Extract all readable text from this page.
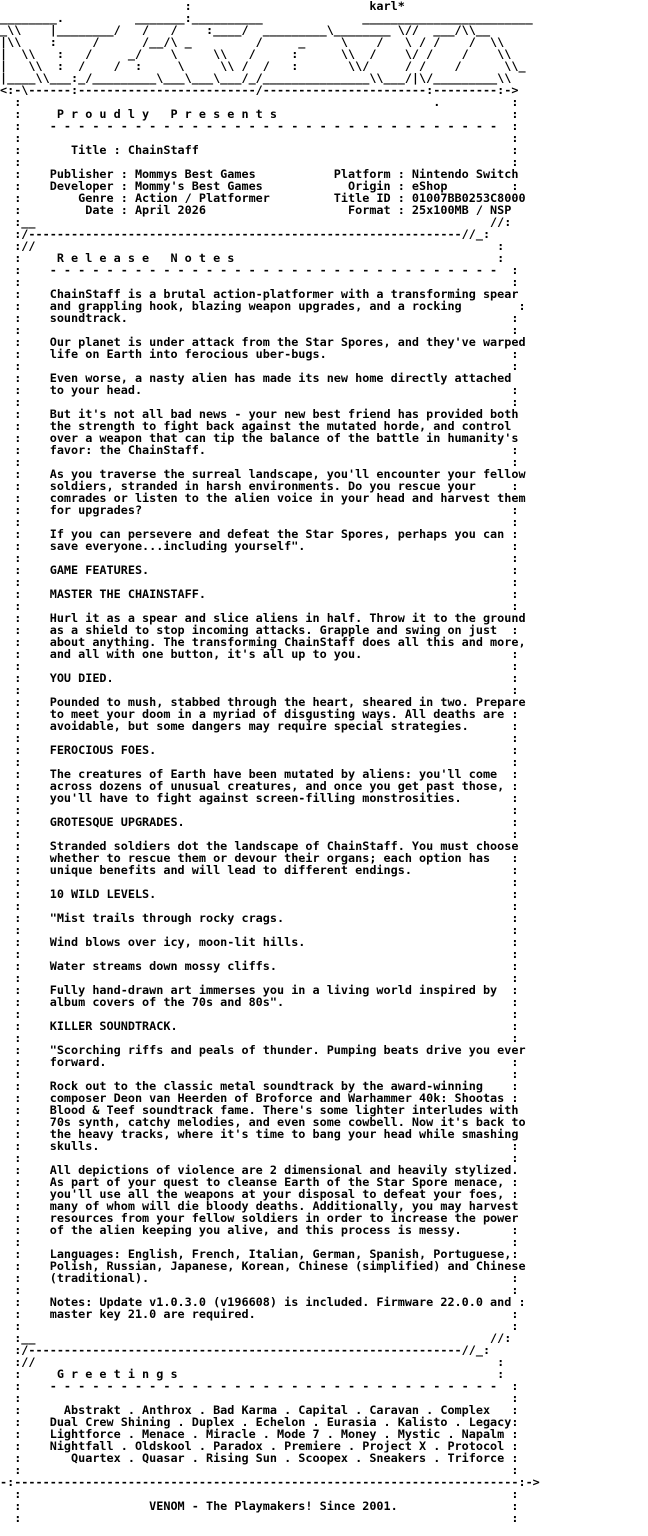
:                         karl*
________.          _______:__________              ________________________
_\\    |________/   /   /    :____/  _________\________ \//  ___/\\__
|\\    :     /      /__/\ _         /     _     \    /   \ / /    /  \\
|  \\   :   /     _/    \     \\   /     :      \\  /    \/ /    /    \\
|   \\  :  /    /  :     \     \\ /  /   :       \\/     / /    /      \\_
|____\\___:_/_________\___\___\___/_/_______________\\___/|\/_________\\
<:-\------:-------------------------/-----------------------:---------:->
:                                                          .          :
:     P r o u d l y   P r e s e n t s                                 :
:    - - - - - - - - - - - - - - - - - - - - - - - - - - - - - - - -  :
:                                                                     :
:       Title : ChainStaff                                            :
:                                                                     :
:    Publisher : Mommys Best Games           Platform : Nintendo Switch
:    Developer : Mommy's Best Games            Origin : eShop         :
:        Genre : Action / Platformer         Title ID : 01007BB0253C8000
:         Date : April 2026                    Format : 25x100MB / NSP
:__                                                                //:
:/-------------------------------------------------------------//_:
://                                                                 :
:     R e l e a s e   N o t e s                                     :
:    - - - - - - - - - - - - - - - - - - - - - - - - - - - - - - - -  :
:                                                                     :
:    ChainStaff is a brutal action-platformer with a transforming spear
:    and grappling hook, blazing weapon upgrades, and a rocking        :
:    soundtrack.                                                      :
:                                                                     :
:    Our planet is under attack from the Star Spores, and they've warped
:    life on Earth into ferocious uber-bugs.                          :
:                                                                     :
:    Even worse, a nasty alien has made its new home directly attached
:    to your head.                                                    :
:                                                                     :
:    But it's not all bad news - your new best friend has provided both
:    the strength to fight back against the mutated horde, and control
:    over a weapon that can tip the balance of the battle in humanity's
:    favor: the ChainStaff.                                           :
:                                                                     :
:    As you traverse the surreal landscape, you'll encounter your fellow
:    soldiers, stranded in harsh environments. Do you rescue your     :
:    comrades or listen to the alien voice in your head and harvest them
:    for upgrades?                                                    :
:                                                                     :
:    If you can persevere and defeat the Star Spores, perhaps you can :
:    save everyone...including yourself".                             :
:                                                                     :
:    GAME FEATURES.                                                   :
:                                                                     :
:    MASTER THE CHAINSTAFF.                                           :
:                                                                     :
:    Hurl it as a spear and slice aliens in half. Throw it to the ground
:    as a shield to stop incoming attacks. Grapple and swing on just  :
:    about anything. The transforming ChainStaff does all this and more,
:    and all with one button, it's all up to you.                     :
:                                                                     :
:    YOU DIED.                                                        :
:                                                                     :
:    Pounded to mush, stabbed through the heart, sheared in two. Prepare
:    to meet your doom in a myriad of disgusting ways. All deaths are :
:    avoidable, but some dangers may require special strategies.      :
:                                                                     :
:    FEROCIOUS FOES.                                                  :
:                                                                     :
:    The creatures of Earth have been mutated by aliens: you'll come  :
:    across dozens of unusual creatures, and once you get past those, :
:    you'll have to fight against screen-filling monstrosities.       :
:                                                                     :
:    GROTESQUE UPGRADES.                                              :
:                                                                     :
:    Stranded soldiers dot the landscape of ChainStaff. You must choose
:    whether to rescue them or devour their organs; each option has   :
:    unique benefits and will lead to different endings.              :
:                                                                     :
:    10 WILD LEVELS.                                                  :
:                                                                     :
:    "Mist trails through rocky crags.                                :
:                                                                     :
:    Wind blows over icy, moon-lit hills.                             :
:                                                                     :
:    Water streams down mossy cliffs.                                 :
:                                                                     :
:    Fully hand-drawn art immerses you in a living world inspired by  :
:    album covers of the 70s and 80s".                                :
:                                                                     :
:    KILLER SOUNDTRACK.                                               :
:                                                                     :
:    "Scorching riffs and peals of thunder. Pumping beats drive you ever
:    forward.                                                         :
:                                                                     :
:    Rock out to the classic metal soundtrack by the award-winning    :
:    composer Deon van Heerden of Broforce and Warhammer 40k: Shootas :
:    Blood & Teef soundtrack fame. There's some lighter interludes with
:    70s synth, catchy melodies, and even some cowbell. Now it's back to
:    the heavy tracks, where it's time to bang your head while smashing
:    skulls.                                                          :
:                                                                     :
:    All depictions of violence are 2 dimensional and heavily stylized.
:    As part of your quest to cleanse Earth of the Star Spore menace, :
:    you'll use all the weapons at your disposal to defeat your foes, :
:    many of whom will die bloody deaths. Additionally, you may harvest
:    resources from your fellow soldiers in order to increase the power
:    of the alien keeping you alive, and this process is messy.       :
:                                                                     :
:    Languages: English, French, Italian, German, Spanish, Portuguese,:
:    Polish, Russian, Japanese, Korean, Chinese (simplified) and Chinese
:    (traditional).                                                   :
:                                                                     :
:    Notes: Update v1.0.3.0 (v196608) is included. Firmware 22.0.0 and :
:    master key 21.0 are required.                                    :
:                                                                     :
:__                                                                //:
:/-------------------------------------------------------------//_:
://                                                                 :
:     G r e e t i n g s                                             :
:    - - - - - - - - - - - - - - - - - - - - - - - - - - - - - - - -  :
:                                                                     :
:      Abstrakt . Anthrox . Bad Karma . Capital . Caravan . Complex   :
:    Dual Crew Shining . Duplex . Echelon . Eurasia . Kalisto . Legacy:
:    Lightforce . Menace . Miracle . Mode 7 . Money . Mystic . Napalm :
:    Nightfall . Oldskool . Paradox . Premiere . Project X . Protocol :
:       Quartex . Quasar . Rising Sun . Scoopex . Sneakers . Triforce :
:                                                                     :
-:-----------------------------------------------------------------------:->
:                                                                     :
:                  VENOM - The Playmakers! Since 2001.                :
:                                                                     :
